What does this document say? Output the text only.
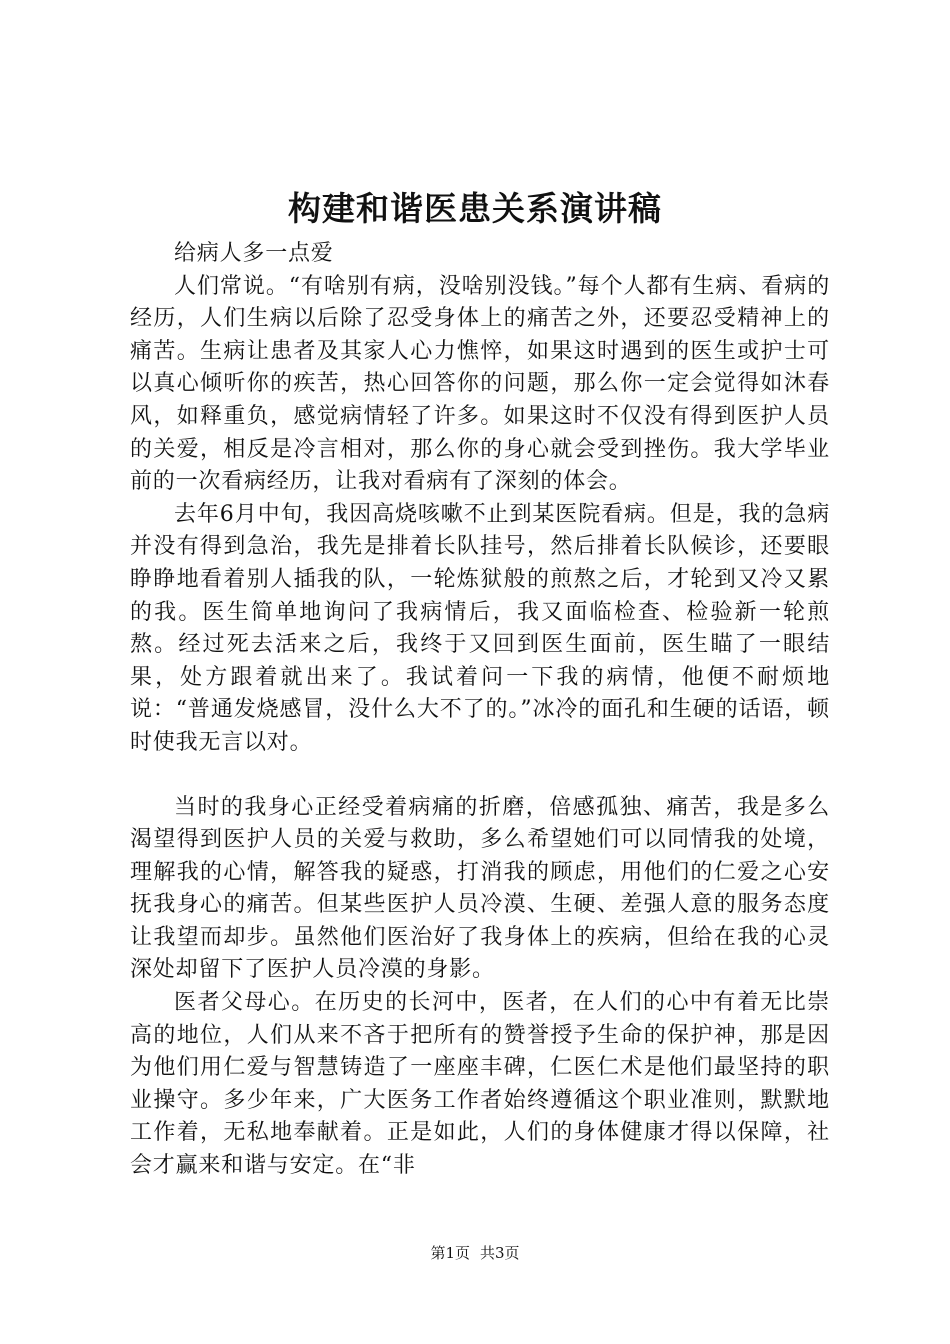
构建和谐医患关系演讲稿

给病人多一点爱

人们常说。“有啥别有病，没啥别没钱。”每个人都有生病、看病的经历，人们生病以后除了忍受身体上的痛苦之外，还要忍受精神上的痛苦。生病让患者及其家人心力憔悴，如果这时遇到的医生或护士可以真心倾听你的疾苦，热心回答你的问题，那么你一定会觉得如沐春风，如释重负，感觉病情轻了许多。如果这时不仅没有得到医护人员的关爱，相反是冷言相对，那么你的身心就会受到挫伤。我大学毕业前的一次看病经历，让我对看病有了深刻的体会。

去年6月中旬，我因高烧咳嗽不止到某医院看病。但是，我的急病并没有得到急治，我先是排着长队挂号，然后排着长队候诊，还要眼睁睁地看着别人插我的队，一轮炼狱般的煎熬之后，才轮到又冷又累的我。医生简单地询问了我病情后，我又面临检查、检验新一轮煎熬。经过死去活来之后，我终于又回到医生面前，医生瞄了一眼结果，处方跟着就出来了。我试着问一下我的病情，他便不耐烦地说：“普通发烧感冒，没什么大不了的。”冰冷的面孔和生硬的话语，顿时使我无言以对。

当时的我身心正经受着病痛的折磨，倍感孤独、痛苦，我是多么渴望得到医护人员的关爱与救助，多么希望她们可以同情我的处境，理解我的心情，解答我的疑惑，打消我的顾虑，用他们的仁爱之心安抚我身心的痛苦。但某些医护人员冷漠、生硬、差强人意的服务态度让我望而却步。虽然他们医治好了我身体上的疾病，但给在我的心灵深处却留下了医护人员冷漠的身影。

医者父母心。在历史的长河中，医者，在人们的心中有着无比崇高的地位，人们从来不吝于把所有的赞誉授予生命的保护神，那是因为他们用仁爱与智慧铸造了一座座丰碑，仁医仁术是他们最坚持的职业操守。多少年来，广大医务工作者始终遵循这个职业准则，默默地工作着，无私地奉献着。正是如此，人们的身体健康才得以保障，社会才赢来和谐与安定。在“非

第1页 共3页
